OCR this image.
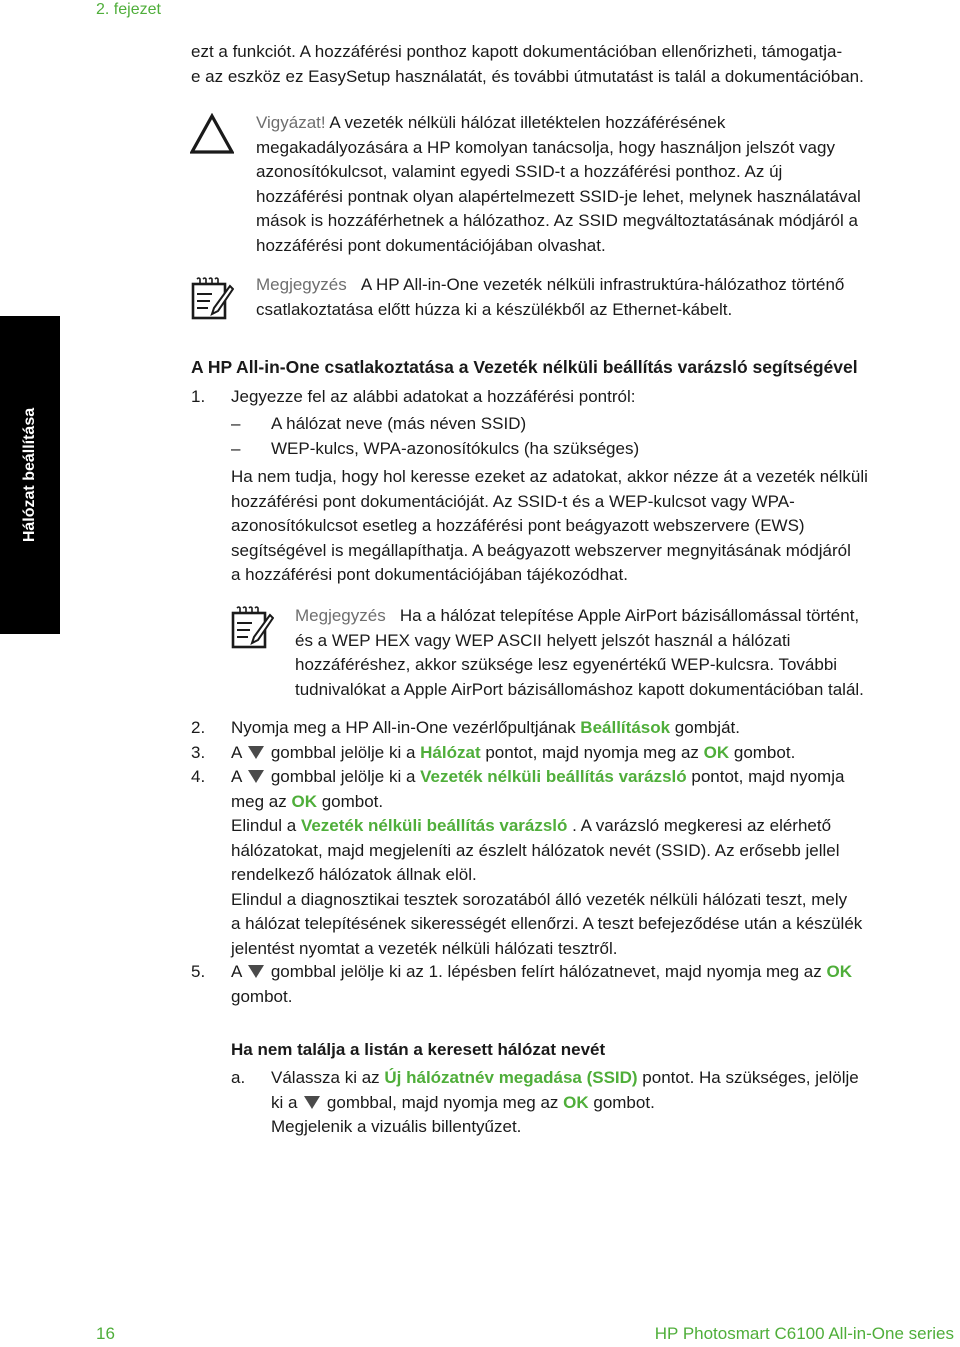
2. fejezet
Hálózat beállítása
ezt a funkciót. A hozzáférési ponthoz kapott dokumentációban ellenőrizheti, támogatja-
e az eszköz ez EasySetup használatát, és további útmutatást is talál a dokumentációban.
Vigyázat! A vezeték nélküli hálózat illetéktelen hozzáférésének
megakadályozására a HP komolyan tanácsolja, hogy használjon jelszót vagy
azonosítókulcsot, valamint egyedi SSID-t a hozzáférési ponthoz. Az új
hozzáférési pontnak olyan alapértelmezett SSID-je lehet, melynek használatával
mások is hozzáférhetnek a hálózathoz. Az SSID megváltoztatásának módjáról a
hozzáférési pont dokumentációjában olvashat.
Megjegyzés A HP All-in-One vezeték nélküli infrastruktúra-hálózathoz történő
csatlakoztatása előtt húzza ki a készülékből az Ethernet-kábelt.
A HP All-in-One csatlakoztatása a Vezeték nélküli beállítás varázsló segítségével
1. Jegyezze fel az alábbi adatokat a hozzáférési pontról:
– A hálózat neve (más néven SSID)
– WEP-kulcs, WPA-azonosítókulcs (ha szükséges)
Ha nem tudja, hogy hol keresse ezeket az adatokat, akkor nézze át a vezeték nélküli
hozzáférési pont dokumentációját. Az SSID-t és a WEP-kulcsot vagy WPA-
azonosítókulcsot esetleg a hozzáférési pont beágyazott webszervere (EWS)
segítségével is megállapíthatja. A beágyazott webszerver megnyitásának módjáról
a hozzáférési pont dokumentációjában tájékozódhat.
Megjegyzés Ha a hálózat telepítése Apple AirPort bázisállomással történt,
és a WEP HEX vagy WEP ASCII helyett jelszót használ a hálózati
hozzáféréshez, akkor szüksége lesz egyenértékű WEP-kulcsra. További
tudnivalókat a Apple AirPort bázisállomáshoz kapott dokumentációban talál.
2. Nyomja meg a HP All-in-One vezérlőpultjának Beállítások gombját.
3. A  gombbal jelölje ki a Hálózat pontot, majd nyomja meg az OK gombot.
4. A  gombbal jelölje ki a Vezeték nélküli beállítás varázsló pontot, majd nyomja
meg az OK gombot.
Elindul a Vezeték nélküli beállítás varázsló . A varázsló megkeresi az elérhető
hálózatokat, majd megjeleníti az észlelt hálózatok nevét (SSID). Az erősebb jellel
rendelkező hálózatok állnak elöl.
Elindul a diagnosztikai tesztek sorozatából álló vezeték nélküli hálózati teszt, mely
a hálózat telepítésének sikerességét ellenőrzi. A teszt befejeződése után a készülék
jelentést nyomtat a vezeték nélküli hálózati tesztről.
5. A  gombbal jelölje ki az 1. lépésben felírt hálózatnevet, majd nyomja meg az OK
gombot.
Ha nem találja a listán a keresett hálózat nevét
a. Válassza ki az Új hálózatnév megadása (SSID) pontot. Ha szükséges, jelölje
ki a  gombbal, majd nyomja meg az OK gombot.
Megjelenik a vizuális billentyűzet.
16	HP Photosmart C6100 All-in-One series
